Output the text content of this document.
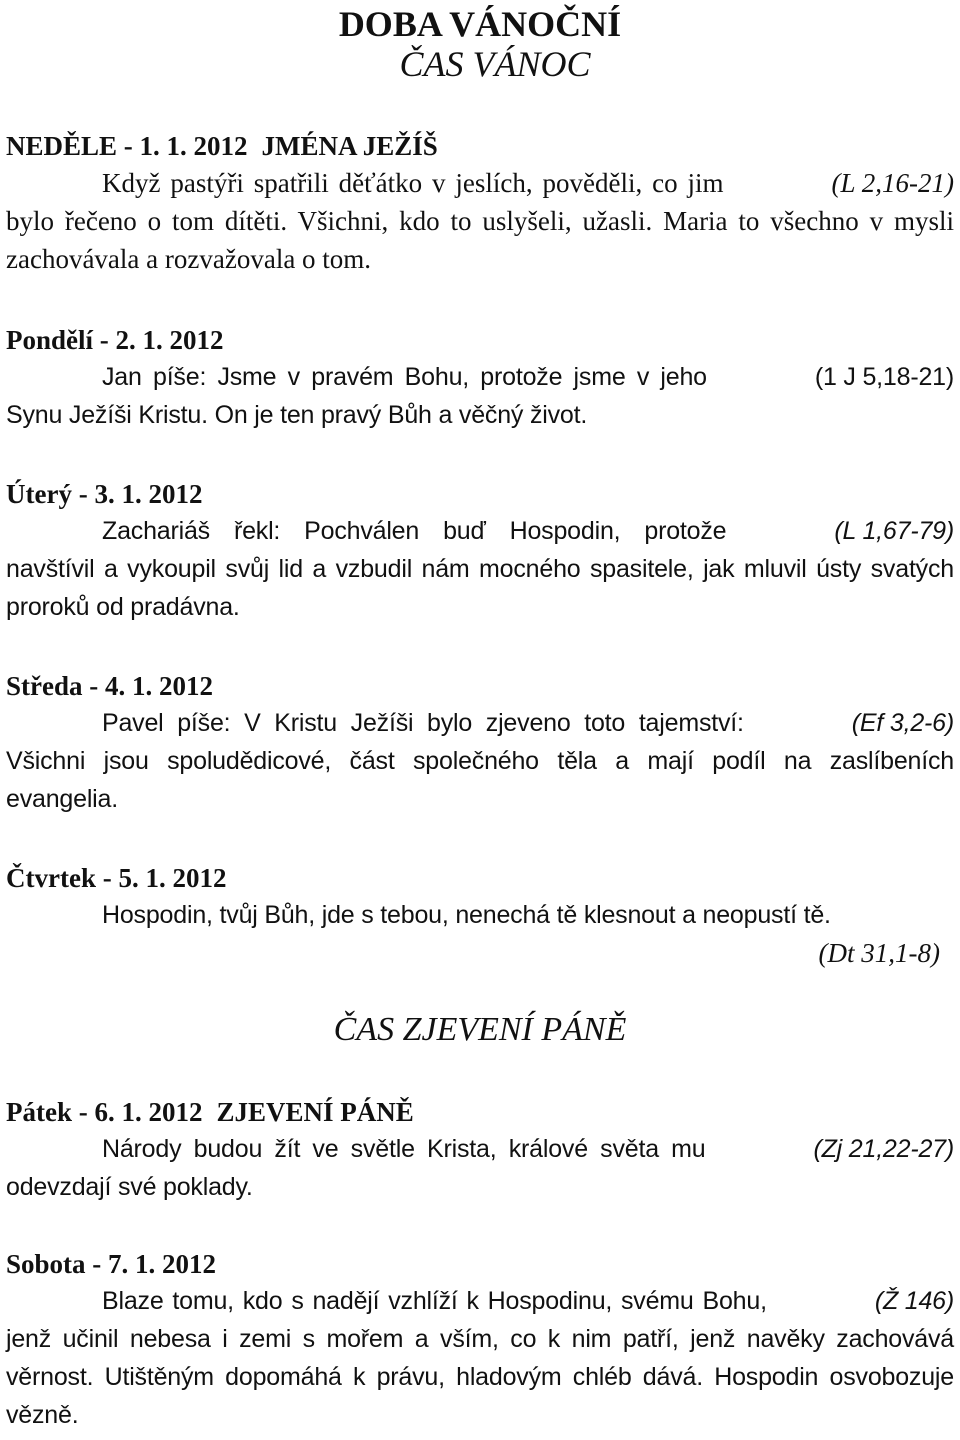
DOBA VÁNOČNÍ
ČAS VÁNOC
NEDĚLE - 1. 1. 2012 JMÉNA JEŽÍŠ
(L 2,16-21)
Když pastýři spatřili děťátko v jeslích, pověděli, co jim bylo řečeno o tom dítěti. Všichni, kdo to uslyšeli, užasli. Maria to všechno v mysli zachovávala a rozvažovala o tom.
Pondělí - 2. 1. 2012
(1 J 5,18-21)
Jan píše: Jsme v pravém Bohu, protože jsme v jeho Synu Ježíši Kristu. On je ten pravý Bůh a věčný život.
Úterý - 3. 1. 2012
(L 1,67-79)
Zachariáš řekl: Pochválen buď Hospodin, protože navštívil a vykoupil svůj lid a vzbudil nám mocného spasitele, jak mluvil ústy svatých proroků od pradávna.
Středa - 4. 1. 2012
(Ef 3,2-6)
Pavel píše: V Kristu Ježíši bylo zjeveno toto tajemství: Všichni jsou spoludědicové, část společného těla a mají podíl na zaslíbeních evangelia.
Čtvrtek - 5. 1. 2012
Hospodin, tvůj Bůh, jde s tebou, nenechá tě klesnout a neopustí tě.
(Dt 31,1-8)
ČAS ZJEVENÍ PÁNĚ
Pátek - 6. 1. 2012 ZJEVENÍ PÁNĚ
(Zj 21,22-27)
Národy budou žít ve světle Krista, králové světa mu odevzdají své poklady.
Sobota - 7. 1. 2012
(Ž 146)
Blaze tomu, kdo s nadějí vzhlíží k Hospodinu, svému Bohu, jenž učinil nebesa i zemi s mořem a vším, co k nim patří, jenž navěky zachovává věrnost. Utištěným dopomáhá k právu, hladovým chléb dává. Hospodin osvobozuje vězně.
